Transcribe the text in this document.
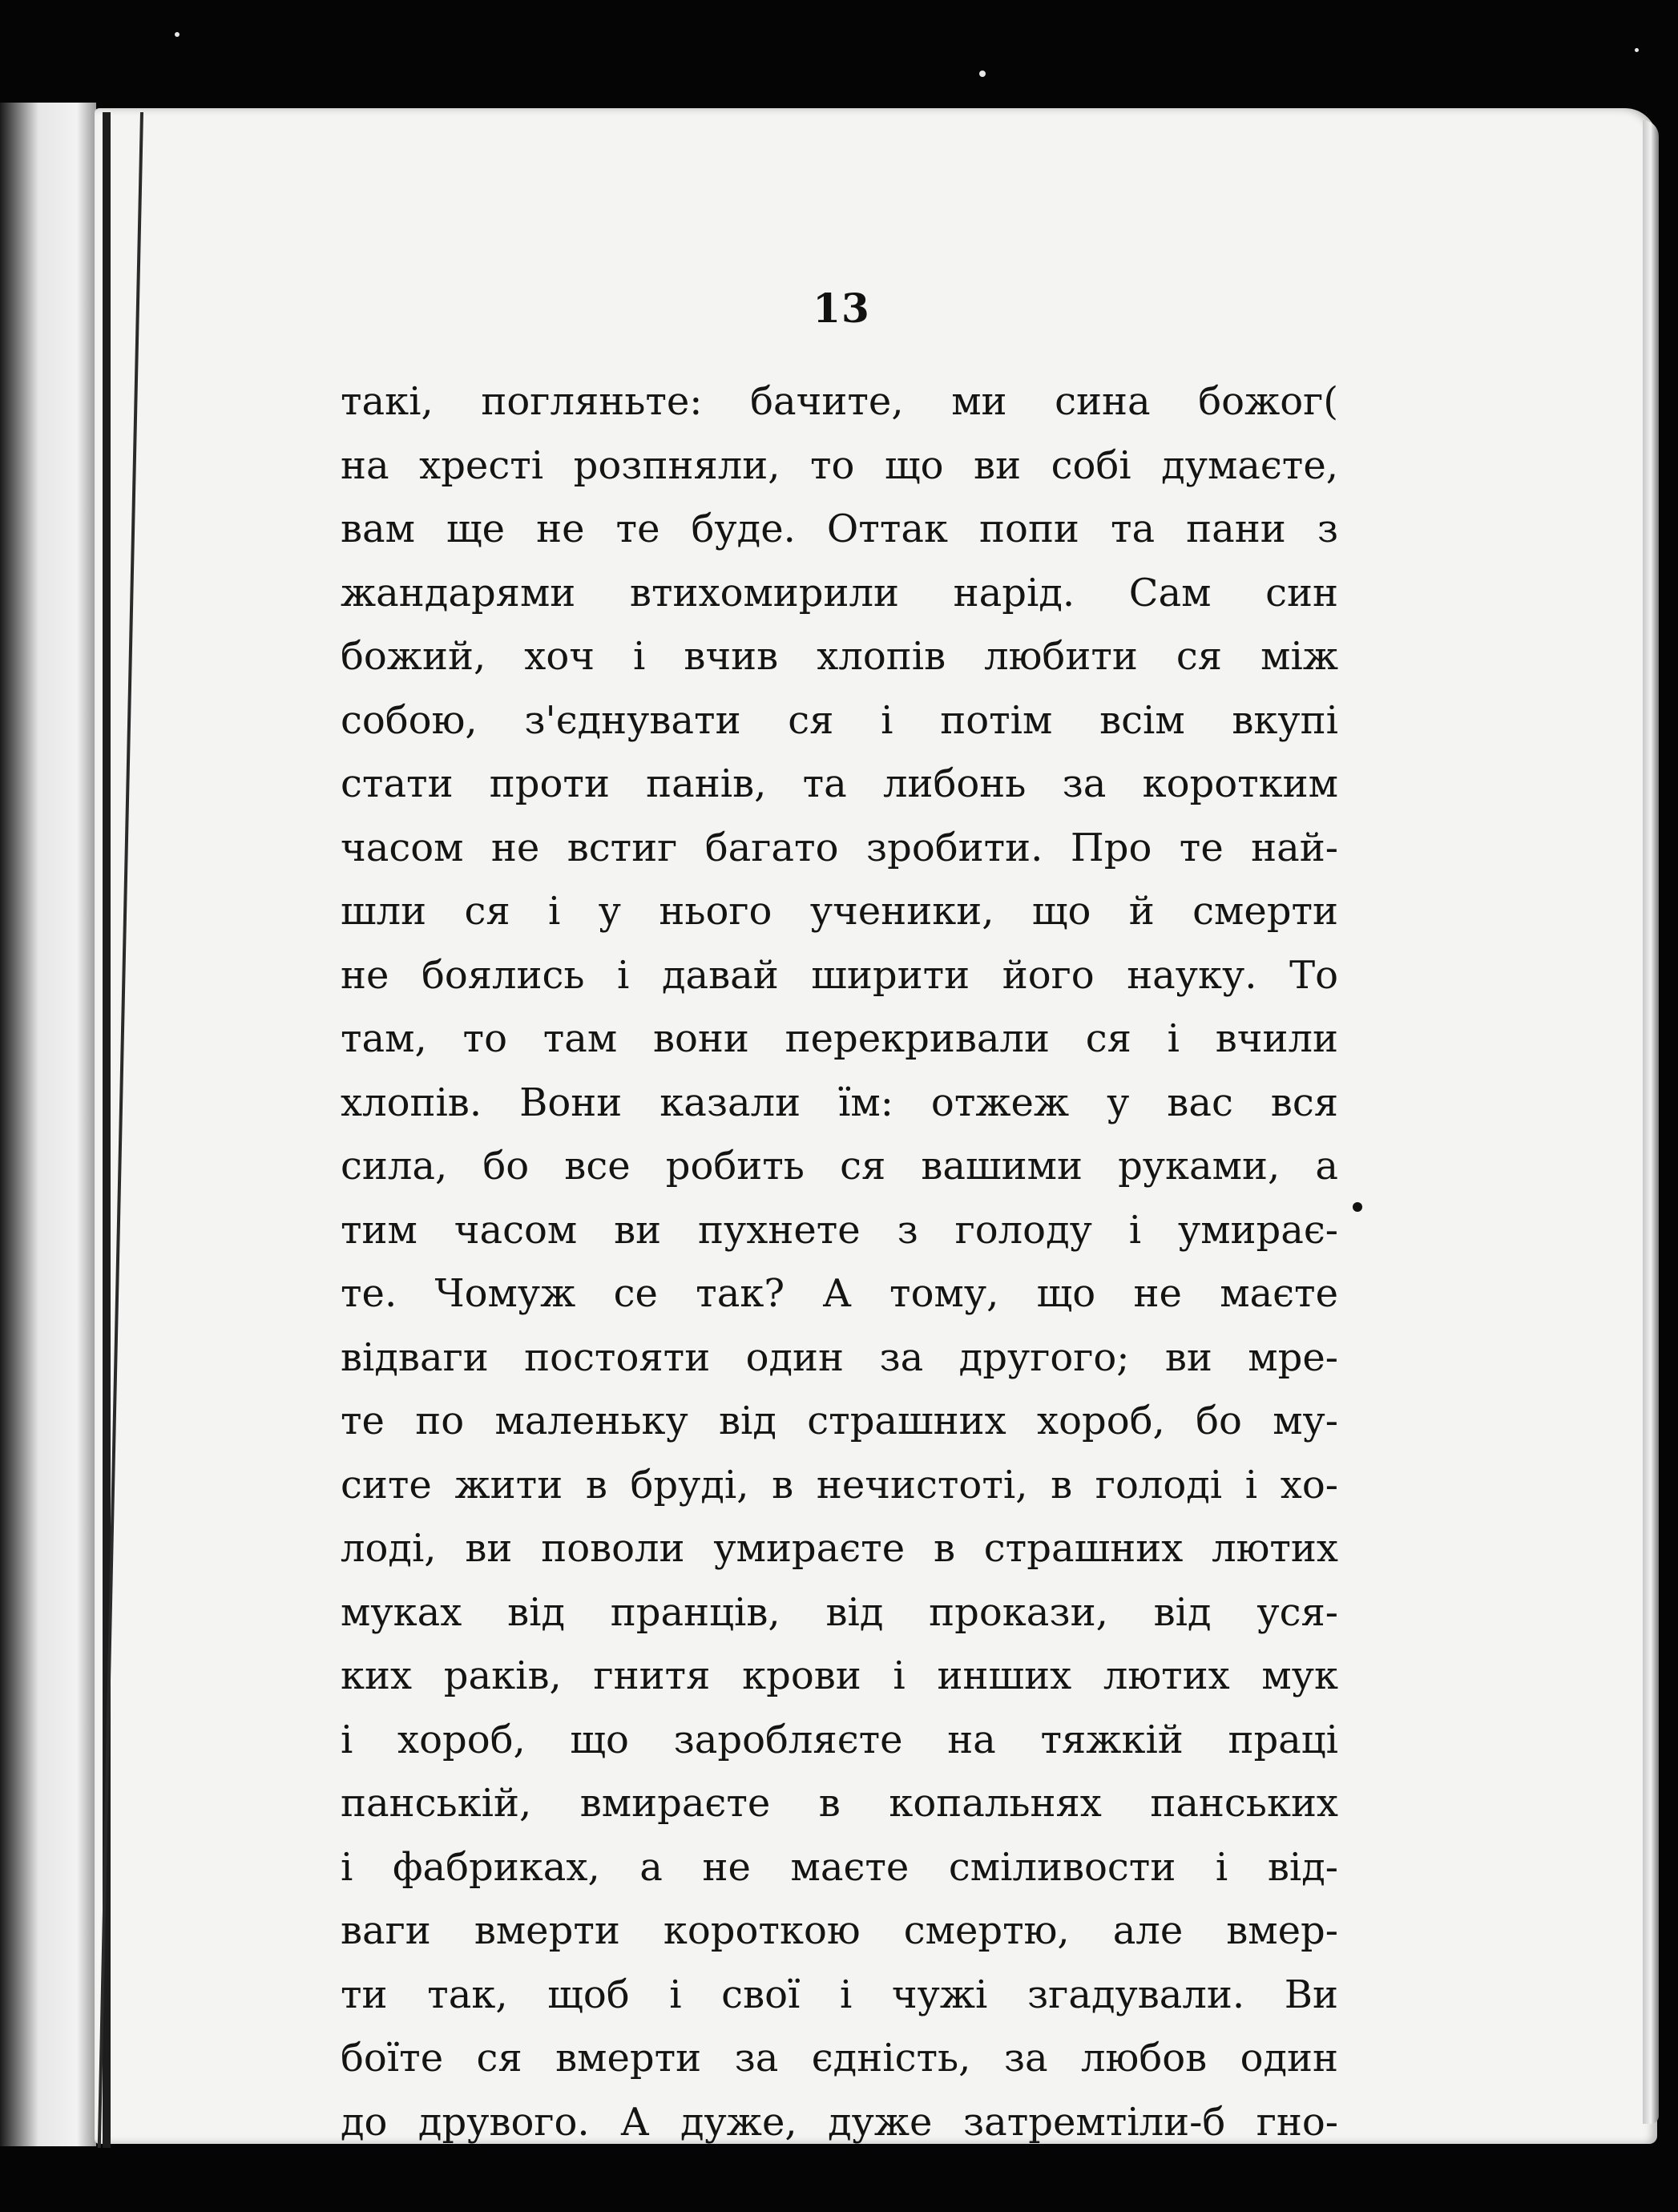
13
такі, погляньте: бачите, ми сина божог(
на хресті розпняли, то що ви собі думаєте,
вам ще не те буде. Оттак попи та пани з
жандарями втихомирили нарід. Сам син
божий, хоч і вчив хлопів любити ся між
собою, з'єднувати ся і потім всім вкупі
стати проти панів, та либонь за коротким
часом не встиг багато зробити. Про те най-
шли ся і у нього ученики, що й смерти
не боялись і давай ширити його науку. То
там, то там вони перекривали ся і вчили
хлопів. Вони казали їм: отжеж у вас вся
сила, бо все робить ся вашими руками, а
тим часом ви пухнете з голоду і умирає-
те. Чомуж се так? А тому, що не маєте
відваги постояти один за другого; ви мре-
те по маленьку від страшних хороб, бо му-
сите жити в бруді, в нечистоті, в голоді і хо-
лоді, ви поволи умираєте в страшних лютих
муках від пранців, від прокази, від уся-
ких раків, гнитя крови і инших лютих мук
і хороб, що заробляєте на тяжкій праці
панській, вмираєте в копальнях панських
і фабриках, а не маєте сміливости і від-
ваги вмерти короткою смертю, але вмер-
ти так, щоб і свої і чужі згадували. Ви
боїте ся вмерти за єдність, за любов один
до друвого. А дуже, дуже затремтіли-б гно-
